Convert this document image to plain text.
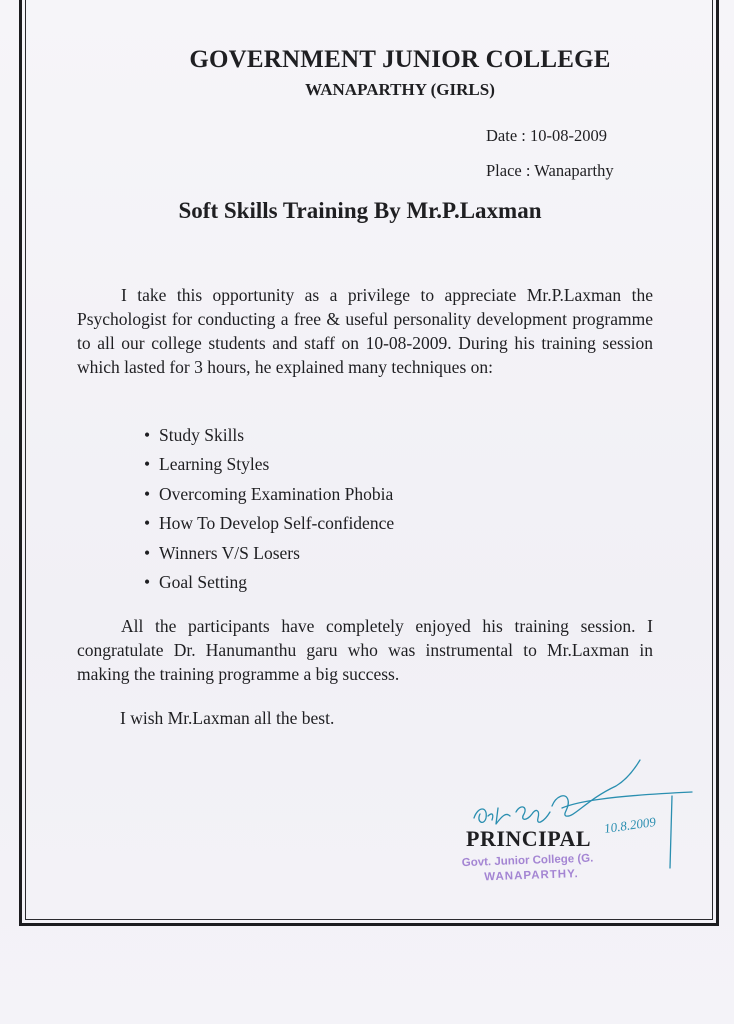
GOVERNMENT JUNIOR COLLEGE
WANAPARTHY (GIRLS)
Date : 10-08-2009
Place : Wanaparthy
Soft Skills Training By Mr.P.Laxman
I take this opportunity as a privilege to appreciate Mr.P.Laxman the Psychologist for conducting a free & useful personality development programme to all our college students and staff on 10-08-2009. During his training session which lasted for 3 hours, he explained many techniques on:
• Study Skills
• Learning Styles
• Overcoming Examination Phobia
• How To Develop Self-confidence
• Winners V/S Losers
• Goal Setting
All the participants have completely enjoyed his training session. I congratulate Dr. Hanumanthu garu who was instrumental to Mr.Laxman in making the training programme a big success.
I wish Mr.Laxman all the best.
PRINCIPAL
10.8.2009
Govt. Junior College (G.
WANAPARTHY.
